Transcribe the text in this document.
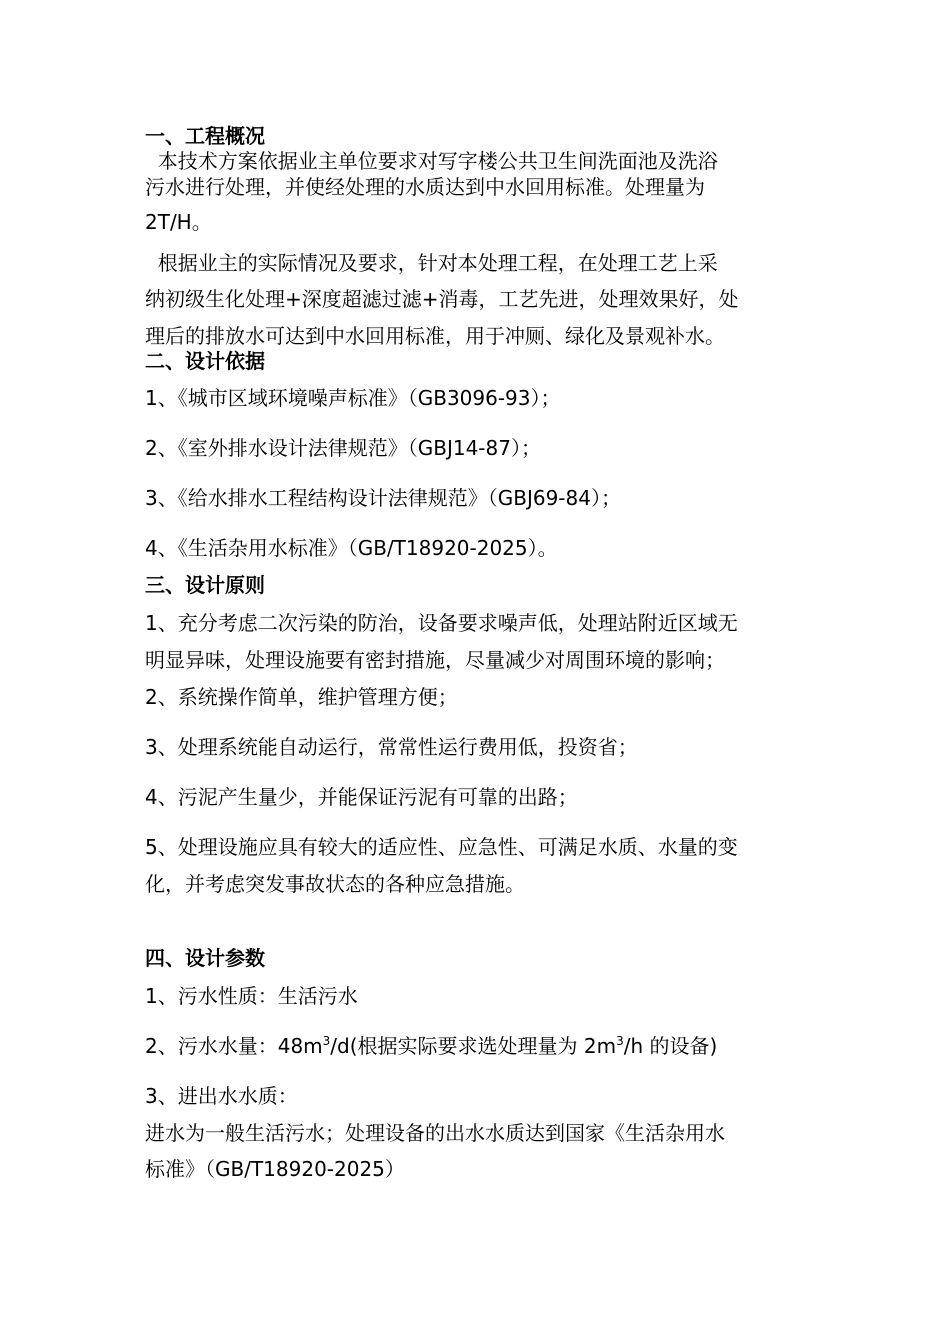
一、工程概况

本技术方案依据业主单位要求对写字楼公共卫生间洗面池及洗浴

污水进行处理，并使经处理的水质达到中水回用标准。处理量为

2T/H。

根据业主的实际情况及要求，针对本处理工程，在处理工艺上采

纳初级生化处理+深度超滤过滤+消毒，工艺先进，处理效果好，处

理后的排放水可达到中水回用标准，用于冲厕、绿化及景观补水。

二、设计依据

1、《城市区域环境噪声标准》（GB3096-93）；

2、《室外排水设计法律规范》（GBJ14-87）；

3、《给水排水工程结构设计法律规范》（GBJ69-84）；

4、《生活杂用水标准》（GB/T18920-2025）。

三、设计原则

1、充分考虑二次污染的防治，设备要求噪声低，处理站附近区域无

明显异味，处理设施要有密封措施，尽量减少对周围环境的影响；

2、系统操作简单，维护管理方便；

3、处理系统能自动运行，常常性运行费用低，投资省；

4、污泥产生量少，并能保证污泥有可靠的出路；

5、处理设施应具有较大的适应性、应急性、可满足水质、水量的变

化，并考虑突发事故状态的各种应急措施。

四、设计参数

1、污水性质：生活污水

2、污水水量：$48m^3/d$(根据实际要求选处理量为 $2m^3/h$ 的设备)

3、进出水水质：

进水为一般生活污水；处理设备的出水水质达到国家《生活杂用水

标准》（GB/T18920-2025）
